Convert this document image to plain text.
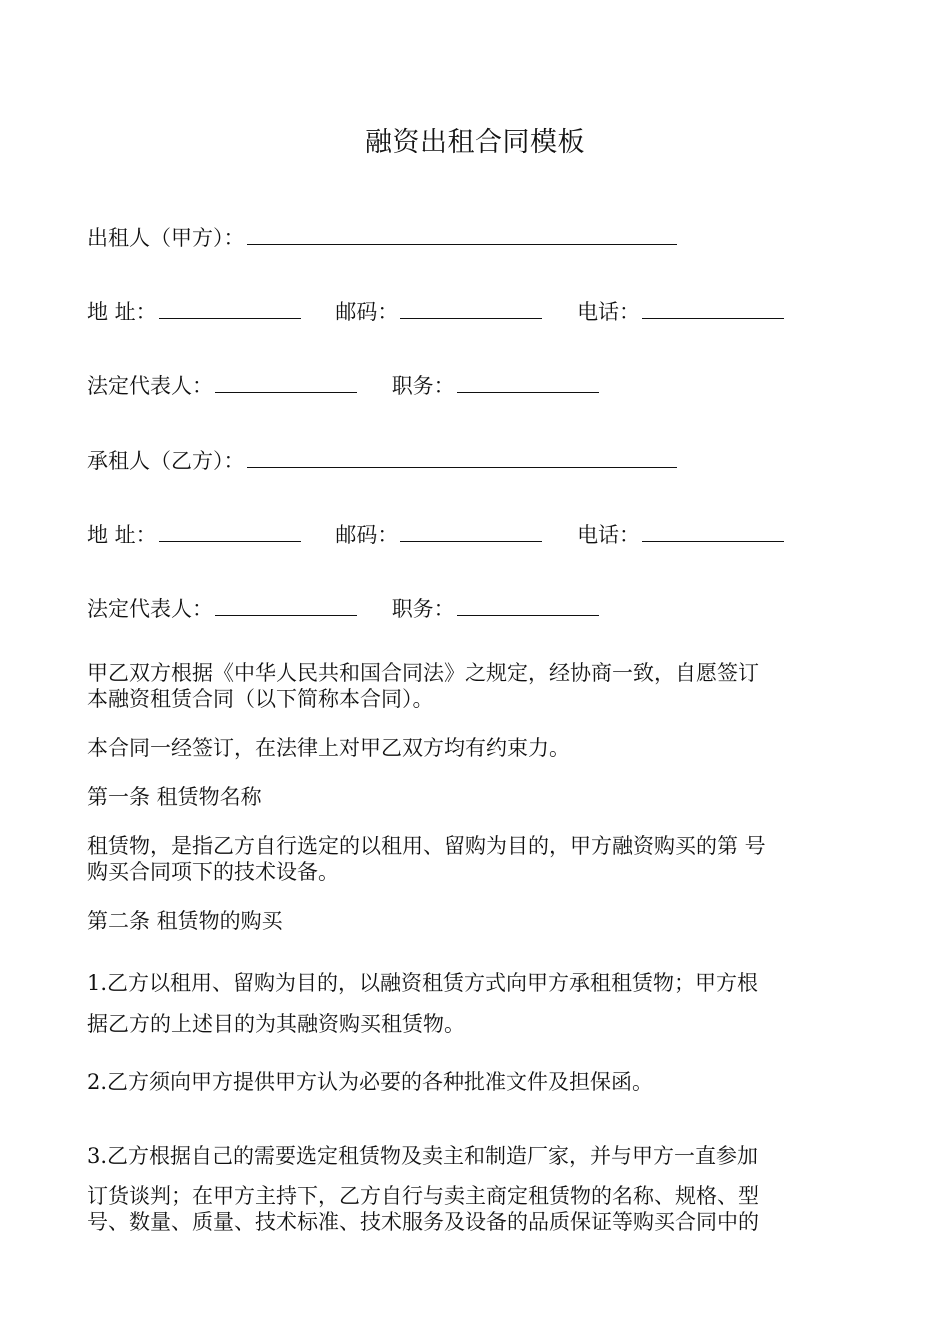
融资出租合同模板
出租人（甲方）：
地 址：	邮码：	电话：
法定代表人：	职务：
承租人（乙方）：
地 址：	邮码：	电话：
法定代表人：	职务：
甲乙双方根据《中华人民共和国合同法》之规定，经协商一致，自愿签订
本融资租赁合同（以下简称本合同）。
本合同一经签订，在法律上对甲乙双方均有约束力。
第一条 租赁物名称
租赁物，是指乙方自行选定的以租用、留购为目的，甲方融资购买的第 号
购买合同项下的技术设备。
第二条 租赁物的购买
1.乙方以租用、留购为目的，以融资租赁方式向甲方承租租赁物；甲方根
据乙方的上述目的为其融资购买租赁物。
2.乙方须向甲方提供甲方认为必要的各种批准文件及担保函。
3.乙方根据自己的需要选定租赁物及卖主和制造厂家，并与甲方一直参加
订货谈判；在甲方主持下，乙方自行与卖主商定租赁物的名称、规格、型
号、数量、质量、技术标准、技术服务及设备的品质保证等购买合同中的
